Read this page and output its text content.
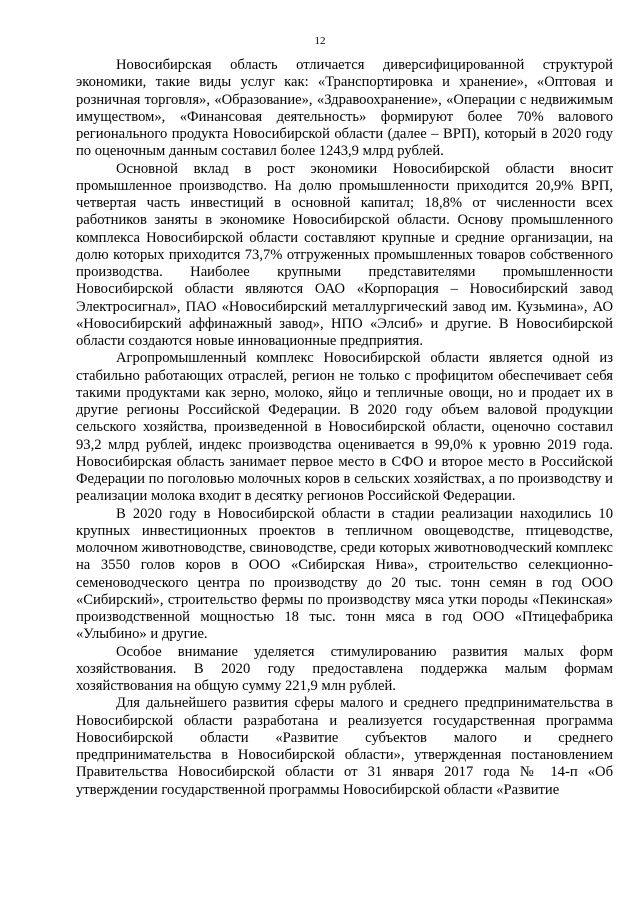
12

Новосибирская область отличается диверсифицированной структурой экономики, такие виды услуг как: «Транспортировка и хранение», «Оптовая и розничная торговля», «Образование», «Здравоохранение», «Операции с недвижимым имуществом», «Финансовая деятельность» формируют более 70% валового регионального продукта Новосибирской области (далее – ВРП), который в 2020 году по оценочным данным составил более 1243,9 млрд рублей.

Основной вклад в рост экономики Новосибирской области вносит промышленное производство. На долю промышленности приходится 20,9% ВРП, четвертая часть инвестиций в основной капитал; 18,8% от численности всех работников заняты в экономике Новосибирской области. Основу промышленного комплекса Новосибирской области составляют крупные и средние организации, на долю которых приходится 73,7% отгруженных промышленных товаров собственного производства. Наиболее крупными представителями промышленности Новосибирской области являются ОАО «Корпорация – Новосибирский завод Электросигнал», ПАО «Новосибирский металлургический завод им. Кузьмина», АО «Новосибирский аффинажный завод», НПО «Элсиб» и другие. В Новосибирской области создаются новые инновационные предприятия.

Агропромышленный комплекс Новосибирской области является одной из стабильно работающих отраслей, регион не только с профицитом обеспечивает себя такими продуктами как зерно, молоко, яйцо и тепличные овощи, но и продает их в другие регионы Российской Федерации. В 2020 году объем валовой продукции сельского хозяйства, произведенной в Новосибирской области, оценочно составил 93,2 млрд рублей, индекс производства оценивается в 99,0% к уровню 2019 года. Новосибирская область занимает первое место в СФО и второе место в Российской Федерации по поголовью молочных коров в сельских хозяйствах, а по производству и реализации молока входит в десятку регионов Российской Федерации.

В 2020 году в Новосибирской области в стадии реализации находились 10 крупных инвестиционных проектов в тепличном овощеводстве, птицеводстве, молочном животноводстве, свиноводстве, среди которых животноводческий комплекс на 3550 голов коров в ООО «Сибирская Нива», строительство селекционно-семеноводческого центра по производству до 20 тыс. тонн семян в год ООО «Сибирский», строительство фермы по производству мяса утки породы «Пекинская» производственной мощностью 18 тыс. тонн мяса в год ООО «Птицефабрика «Улыбино» и другие.

Особое внимание уделяется стимулированию развития малых форм хозяйствования. В 2020 году предоставлена поддержка малым формам хозяйствования на общую сумму 221,9 млн рублей.

Для дальнейшего развития сферы малого и среднего предпринимательства в Новосибирской области разработана и реализуется государственная программа Новосибирской области «Развитие субъектов малого и среднего предпринимательства в Новосибирской области», утвержденная постановлением Правительства Новосибирской области от 31 января 2017 года № 14-п «Об утверждении государственной программы Новосибирской области «Развитие
